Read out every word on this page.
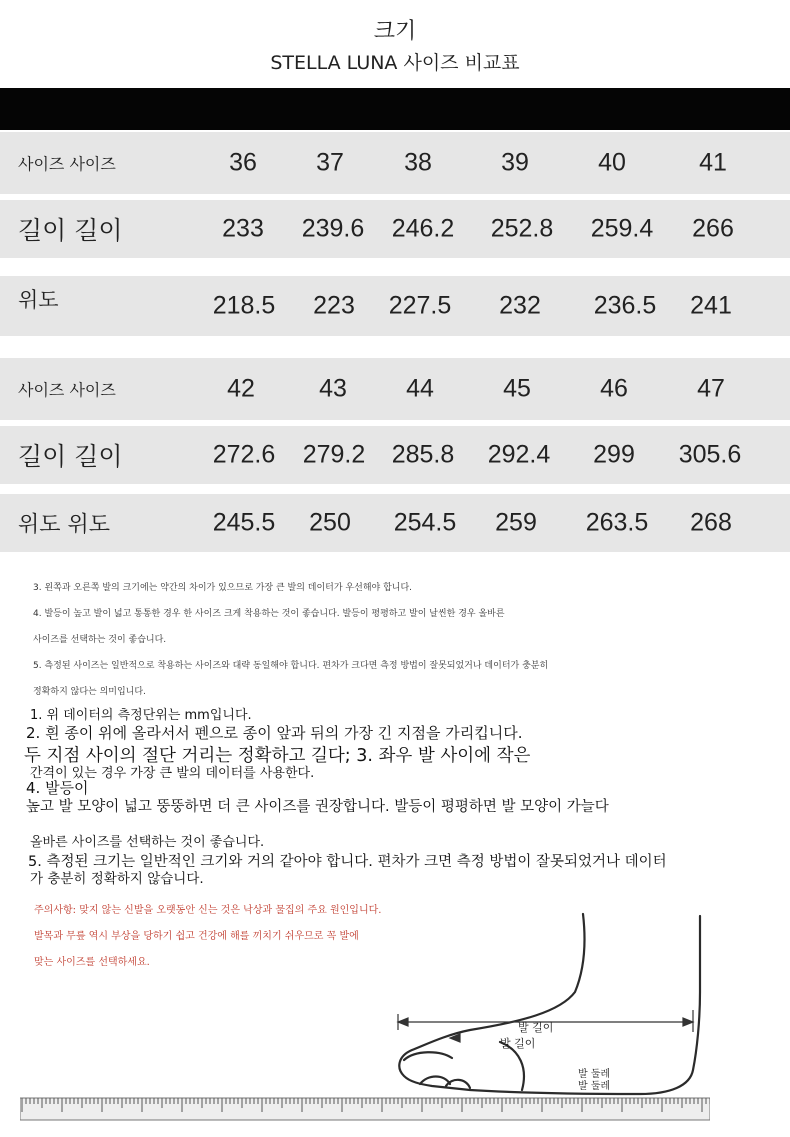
크기
STELLA LUNA 사이즈 비교표
사이즈 사이즈	36 37 38	39	40	41
길이 길이	233 239.6 246.2 252.8 259.4 266
위도	218.5 223 227.5 232 236.5 241
사이즈 사이즈	42	43 44	45	46	47
길이 길이	272.6 279.2 285.8 292.4 299 305.6
위도 위도	245.5 250 254.5 259 263.5 268
3. 왼쪽과 오른쪽 발의 크기에는 약간의 차이가 있으므로 가장 큰 발의 데이터가 우선해야 합니다.
4. 발등이 높고 발이 넓고 통통한 경우 한 사이즈 크게 착용하는 것이 좋습니다. 발등이 평평하고 발이 날씬한 경우 올바른
사이즈를 선택하는 것이 좋습니다.
5. 측정된 사이즈는 일반적으로 착용하는 사이즈와 대략 동일해야 합니다. 편차가 크다면 측정 방법이 잘못되었거나 데이터가 충분히
정확하지 않다는 의미입니다.
1. 위 데이터의 측정단위는 mm입니다.
2. 흰 종이 위에 올라서서 펜으로 종이 앞과 뒤의 가장 긴 지점을 가리킵니다.
두 지점 사이의 절단 거리는 정확하고 길다; 3. 좌우 발 사이에 작은
간격이 있는 경우 가장 큰 발의 데이터를 사용한다.
4. 발등이
높고 발 모양이 넓고 뚱뚱하면 더 큰 사이즈를 권장합니다. 발등이 평평하면 발 모양이 가늘다
올바른 사이즈를 선택하는 것이 좋습니다.
5. 측정된 크기는 일반적인 크기와 거의 같아야 합니다. 편차가 크면 측정 방법이 잘못되었거나 데이터
가 충분히 정확하지 않습니다.
주의사항: 맞지 않는 신발을 오랫동안 신는 것은 낙상과 물집의 주요 원인입니다.
발목과 무릎 역시 부상을 당하기 쉽고 건강에 해를 끼치기 쉬우므로 꼭 발에
맞는 사이즈를 선택하세요.
발 길이
발 길이
발 둘레
발 둘레
